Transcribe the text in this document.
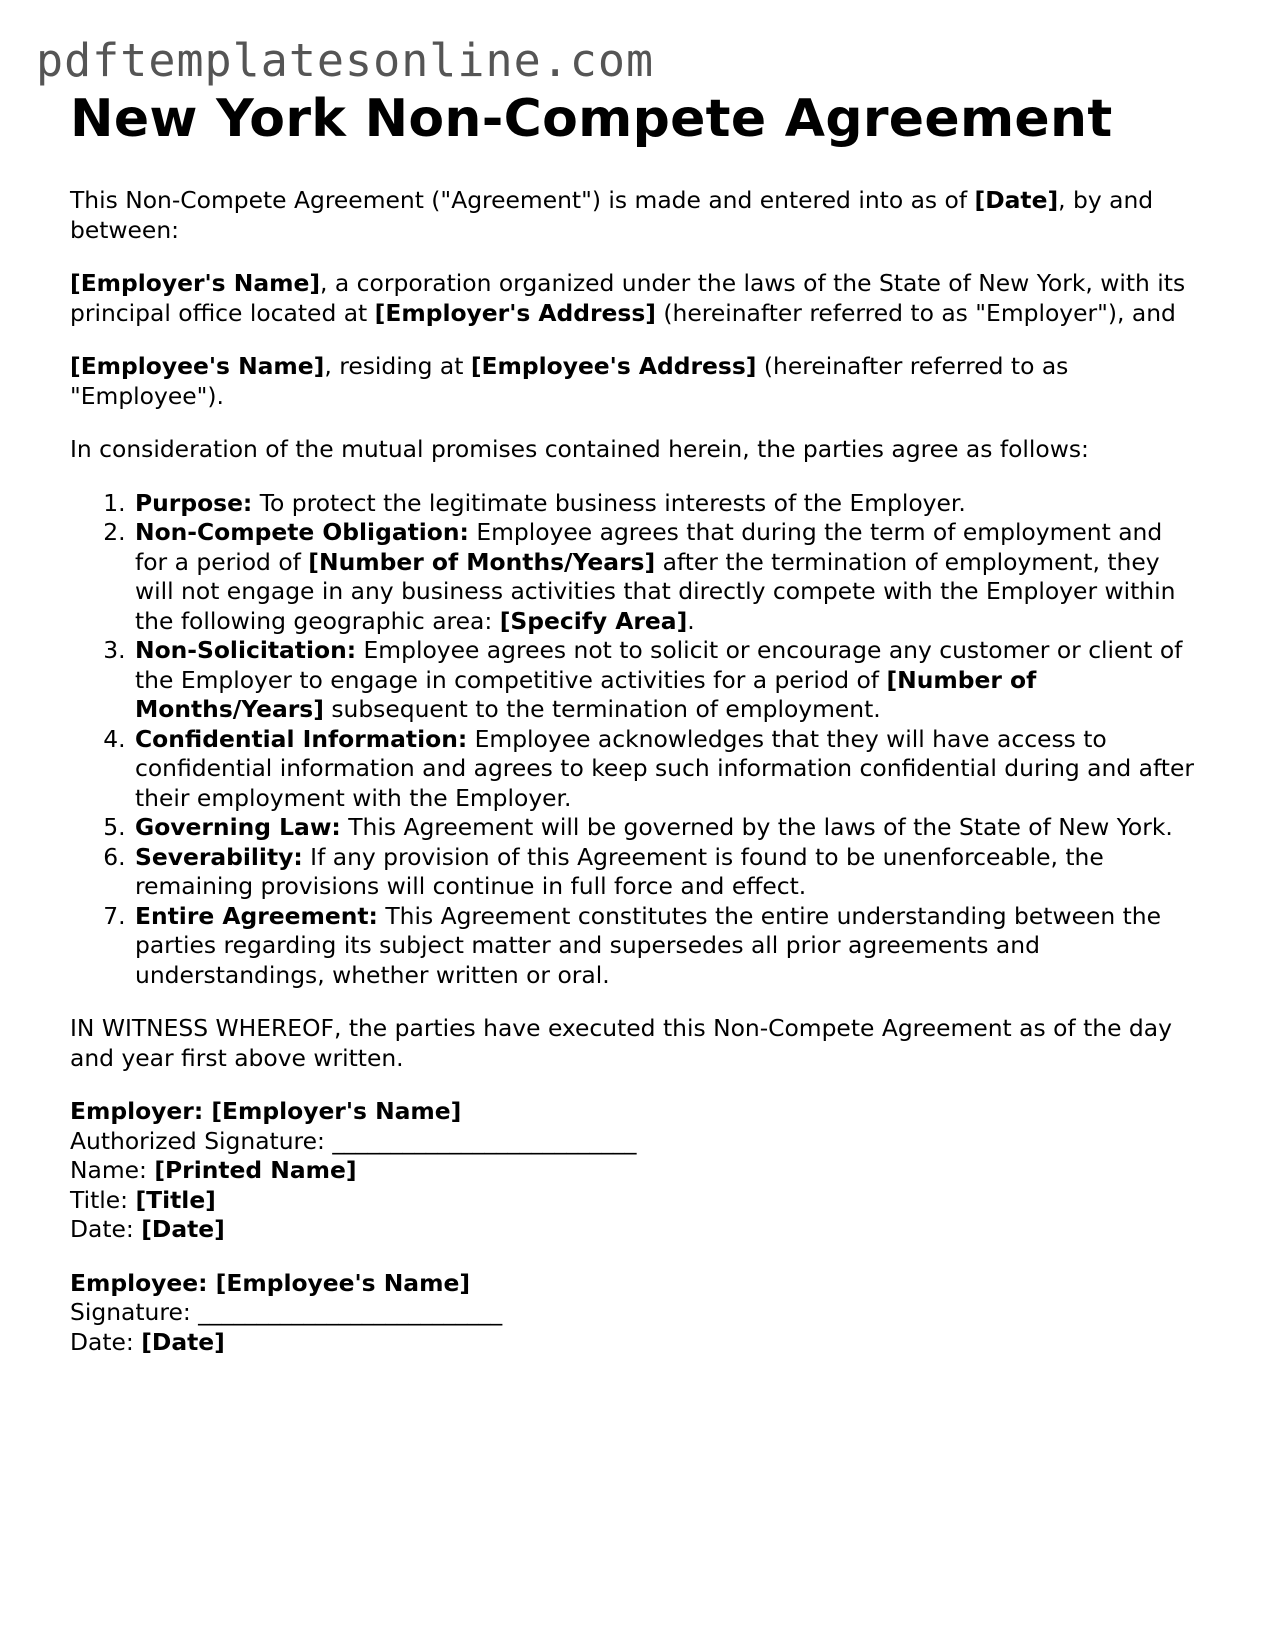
pdftemplatesonline.com
New York Non-Compete Agreement

This Non-Compete Agreement ("Agreement") is made and entered into as of [Date], by and between:

[Employer's Name], a corporation organized under the laws of the State of New York, with its principal office located at [Employer's Address] (hereinafter referred to as "Employer"), and

[Employee's Name], residing at [Employee's Address] (hereinafter referred to as "Employee").

In consideration of the mutual promises contained herein, the parties agree as follows:

1. Purpose: To protect the legitimate business interests of the Employer.
2. Non-Compete Obligation: Employee agrees that during the term of employment and for a period of [Number of Months/Years] after the termination of employment, they will not engage in any business activities that directly compete with the Employer within the following geographic area: [Specify Area].
3. Non-Solicitation: Employee agrees not to solicit or encourage any customer or client of the Employer to engage in competitive activities for a period of [Number of Months/Years] subsequent to the termination of employment.
4. Confidential Information: Employee acknowledges that they will have access to confidential information and agrees to keep such information confidential during and after their employment with the Employer.
5. Governing Law: This Agreement will be governed by the laws of the State of New York.
6. Severability: If any provision of this Agreement is found to be unenforceable, the remaining provisions will continue in full force and effect.
7. Entire Agreement: This Agreement constitutes the entire understanding between the parties regarding its subject matter and supersedes all prior agreements and understandings, whether written or oral.

IN WITNESS WHEREOF, the parties have executed this Non-Compete Agreement as of the day and year first above written.

Employer: [Employer's Name]
Authorized Signature: __________________________
Name: [Printed Name]
Title: [Title]
Date: [Date]
Employee: [Employee's Name]
Signature: __________________________
Date: [Date]
